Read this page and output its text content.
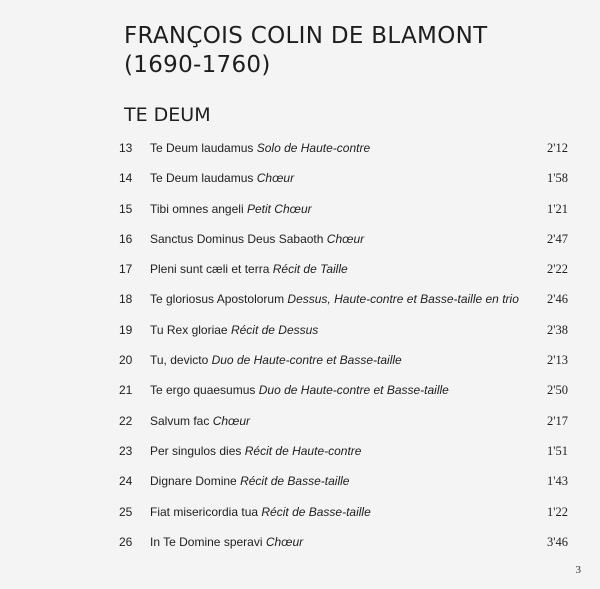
FRANÇOIS COLIN DE BLAMONT
(1690-1760)
TE DEUM
13	Te Deum laudamus Solo de Haute-contre	2'12
14	Te Deum laudamus Chœur	1'58
15	Tibi omnes angeli Petit Chœur	1'21
16	Sanctus Dominus Deus Sabaoth Chœur	2'47
17	Pleni sunt cæli et terra Récit de Taille	2'22
18	Te gloriosus Apostolorum Dessus, Haute-contre et Basse-taille en trio 2'46
19	Tu Rex gloriae Récit de Dessus	2'38
20	Tu, devicto Duo de Haute-contre et Basse-taille	2'13
21	Te ergo quaesumus Duo de Haute-contre et Basse-taille	2'50
22	Salvum fac Chœur	2'17
23	Per singulos dies Récit de Haute-contre	1'51
24	Dignare Domine Récit de Basse-taille	1'43
25	Fiat misericordia tua Récit de Basse-taille	1'22
26	In Te Domine speravi Chœur	3'46
3
